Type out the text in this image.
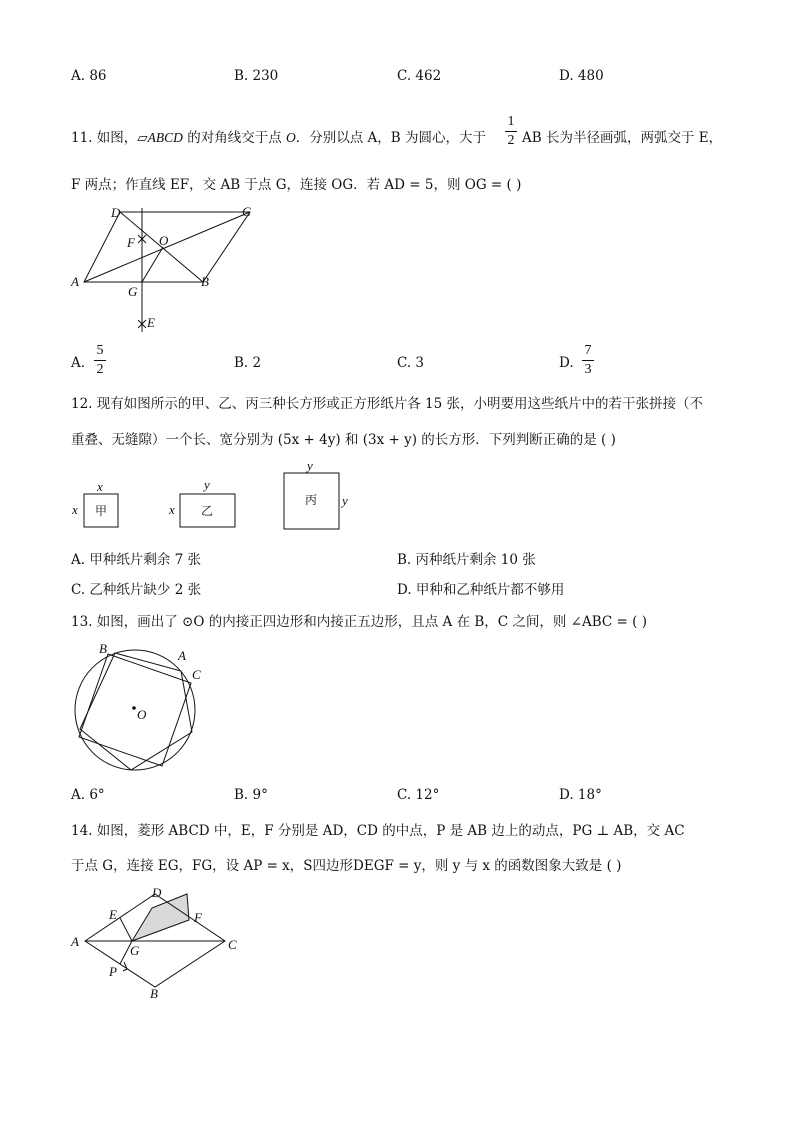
A. 86	B. 230	C. 462	D. 480
11. 如图，▱ABCD 的对角线交于点 O．分别以点 A，B 为圆心，大于
1
2 AB 长为半径画弧，两弧交于 E，
F 两点；作直线 EF，交 AB 于点 G，连接 OG．若 AD = 5，则 OG = ( )
D	C
F O
A
G
B
E
A.
5
2	B. 2	C. 3	D.
7
3
12. 现有如图所示的甲、乙、丙三种长方形或正方形纸片各 15 张，小明要用这些纸片中的若干张拼接（不
重叠、无缝隙）一个长、宽分别为 (5x + 4y) 和 (3x + y) 的长方形．下列判断正确的是 ( )
x
x 甲
y
x 乙
y
y
丙
A. 甲种纸片剩余 7 张	B. 丙种纸片剩余 10 张
C. 乙种纸片缺少 2 张	D. 甲种和乙种纸片都不够用
13. 如图，画出了 ⊙O 的内接正四边形和内接正五边形，且点 A 在 B，C 之间，则 ∠ABC = ( )
B	A
C
O
A. 6°	B. 9°	C. 12°	D. 18°
14. 如图，菱形 ABCD 中，E，F 分别是 AD，CD 的中点，P 是 AB 边上的动点，PG ⊥ AB，交 AC
于点 G，连接 EG，FG，设 AP = x，S四边形DEGF = y，则 y 与 x 的函数图象大致是 ( )
D
E	F
A
G	C
P
B
